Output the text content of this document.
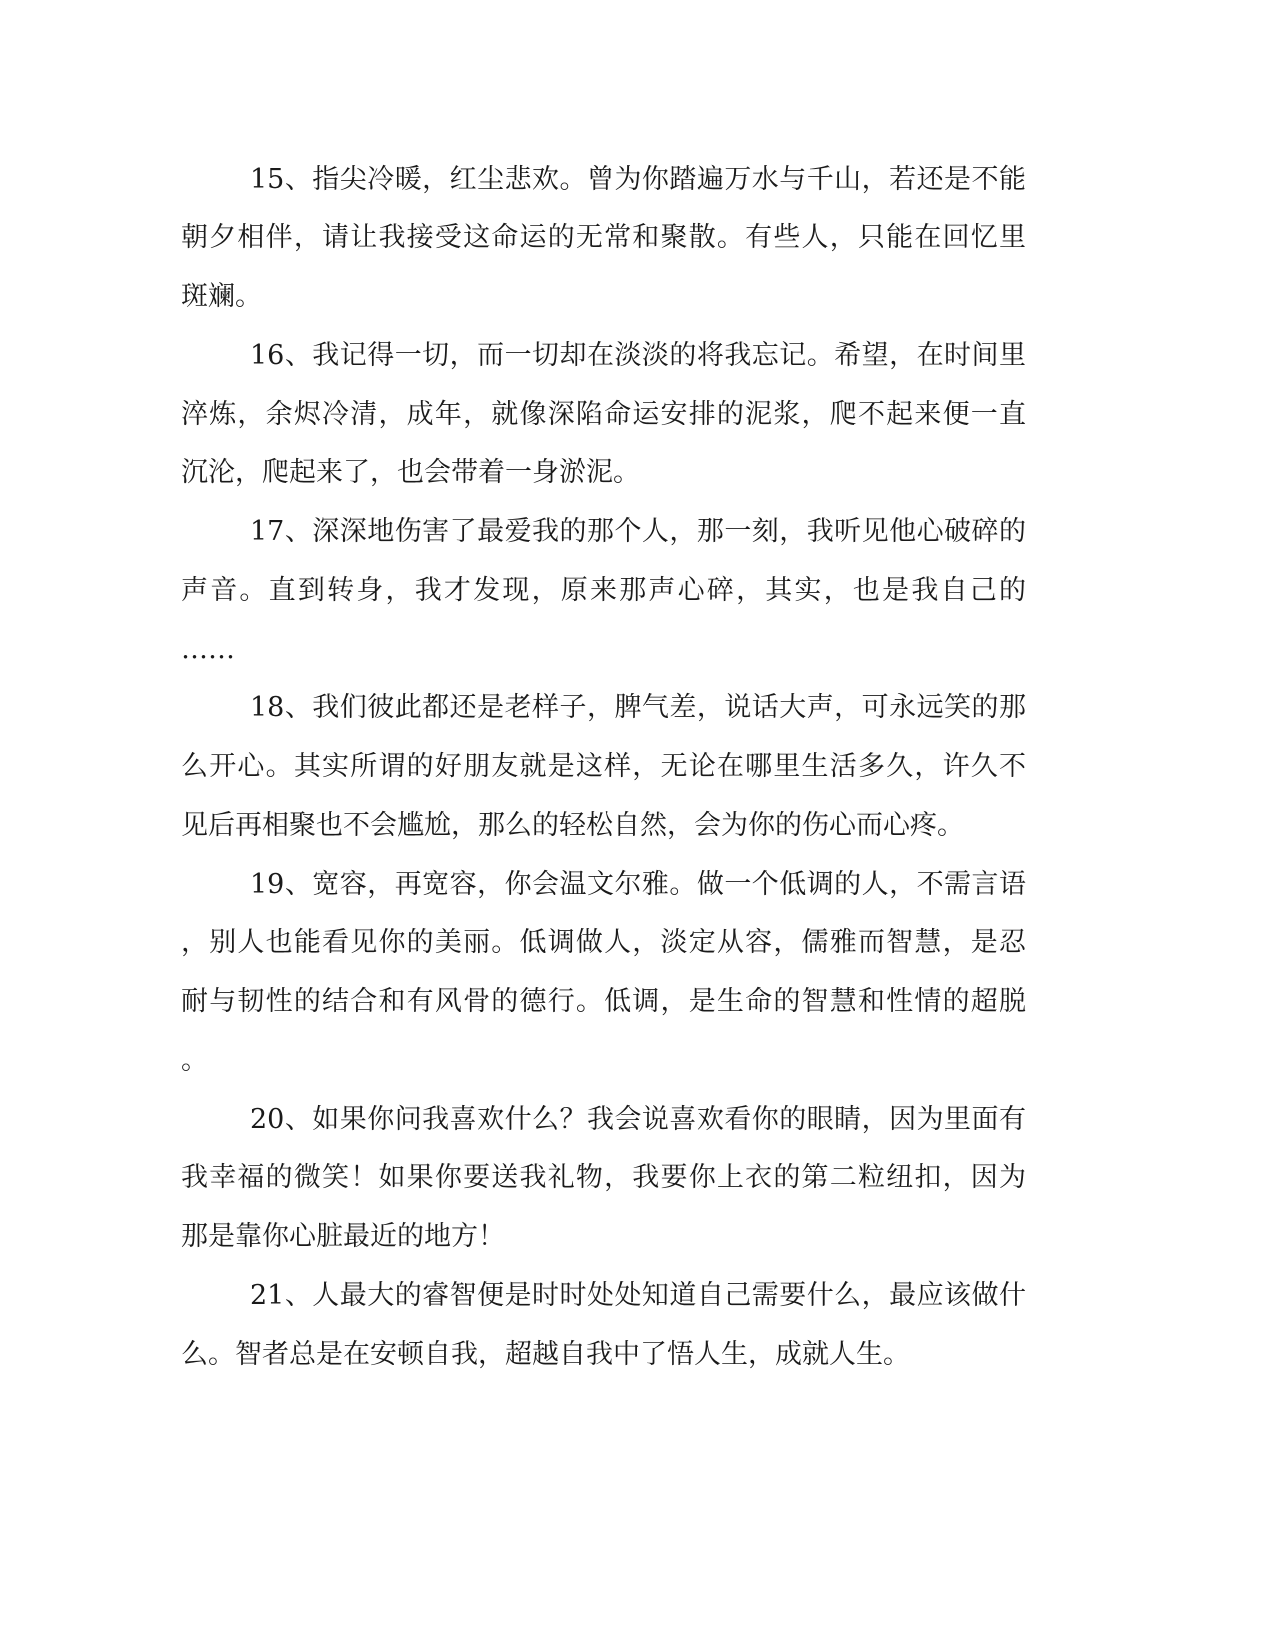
15、指尖冷暖，红尘悲欢。曾为你踏遍万水与千山，若还是不能
朝夕相伴，请让我接受这命运的无常和聚散。有些人，只能在回忆里
斑斓。
16、我记得一切，而一切却在淡淡的将我忘记。希望，在时间里
淬炼，余烬冷清，成年，就像深陷命运安排的泥浆，爬不起来便一直
沉沦，爬起来了，也会带着一身淤泥。
17、深深地伤害了最爱我的那个人，那一刻，我听见他心破碎的
声音。直到转身，我才发现，原来那声心碎，其实，也是我自己的
……
18、我们彼此都还是老样子，脾气差，说话大声，可永远笑的那
么开心。其实所谓的好朋友就是这样，无论在哪里生活多久，许久不
见后再相聚也不会尴尬，那么的轻松自然，会为你的伤心而心疼。
19、宽容，再宽容，你会温文尔雅。做一个低调的人，不需言语
，别人也能看见你的美丽。低调做人，淡定从容，儒雅而智慧，是忍
耐与韧性的结合和有风骨的德行。低调，是生命的智慧和性情的超脱
。
20、如果你问我喜欢什么？我会说喜欢看你的眼睛，因为里面有
我幸福的微笑！如果你要送我礼物，我要你上衣的第二粒纽扣，因为
那是靠你心脏最近的地方！
21、人最大的睿智便是时时处处知道自己需要什么，最应该做什
么。智者总是在安顿自我，超越自我中了悟人生，成就人生。
